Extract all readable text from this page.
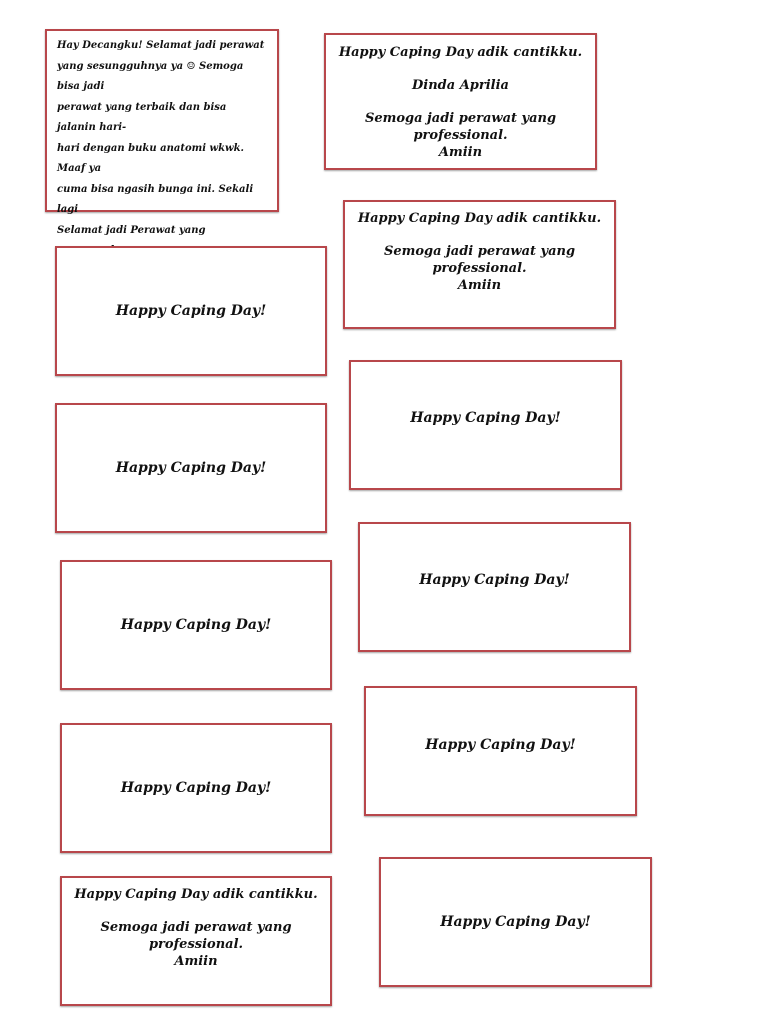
Hay Decangku! Selamat jadi perawat
yang sesungguhnya ya ☺ Semoga bisa jadi
perawat yang terbaik dan bisa jalanin hari-
hari dengan buku anatomi wkwk. Maaf ya
cuma bisa ngasih bunga ini. Sekali lagi
Selamat jadi Perawat yang

Happy Caping Day adik cantikku.
Dinda Aprilia
Semoga jadi perawat yang professional.
Amiin
Happy Caping Day adik cantikku.
Semoga jadi perawat yang professional.
Amiin
Happy Caping Day!
Happy Caping Day!
Happy Caping Day!
Happy Caping Day!
Happy Caping Day adik cantikku.
Semoga jadi perawat yang professional.
Amiin
Happy Caping Day!
Happy Caping Day!
Happy Caping Day!
Happy Caping Day!
